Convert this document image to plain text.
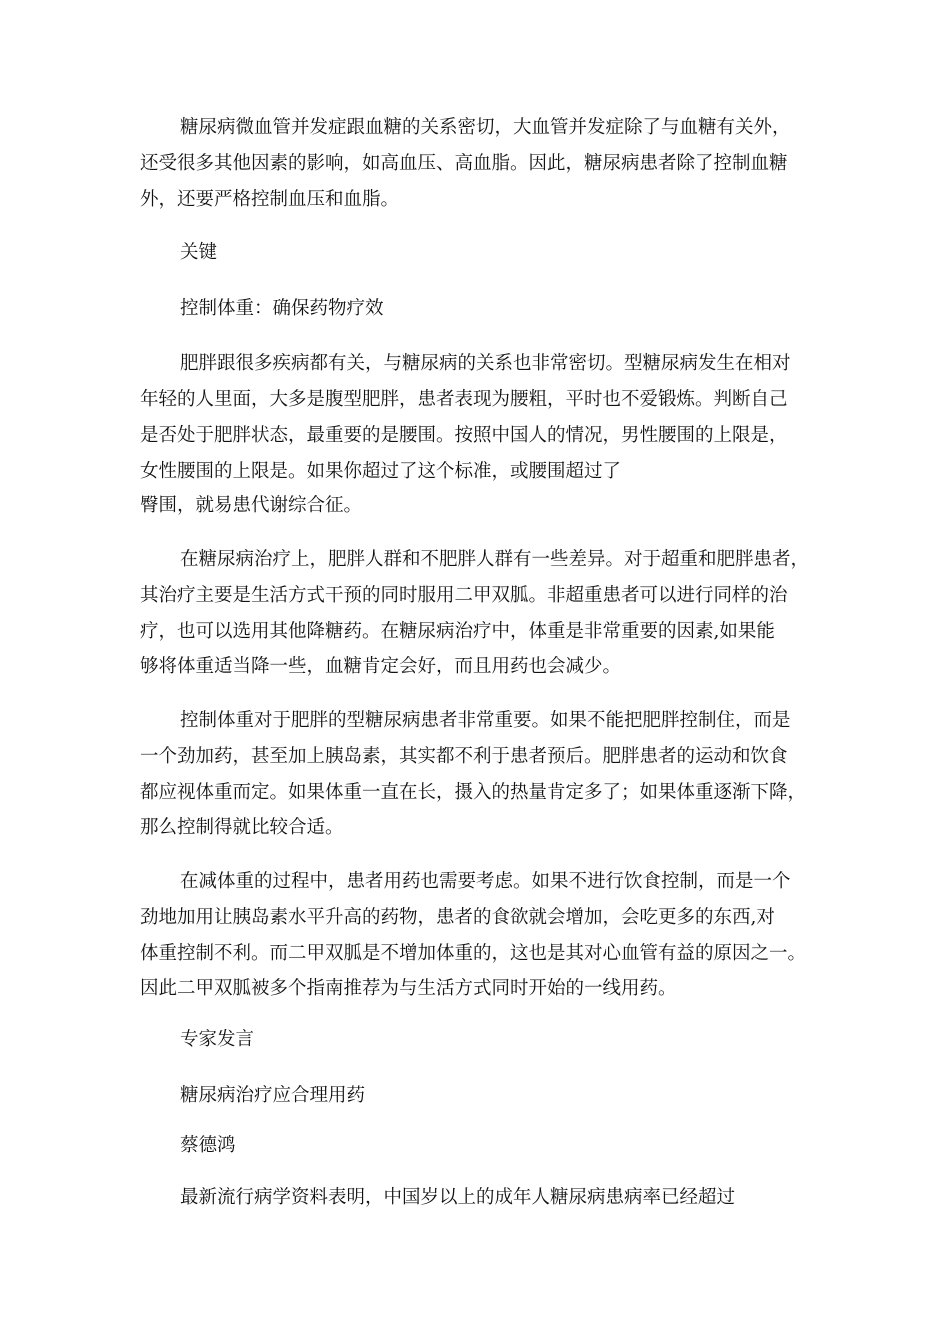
糖尿病微血管并发症跟血糖的关系密切，大血管并发症除了与血糖有关外，
还受很多其他因素的影响，如高血压、高血脂。因此，糖尿病患者除了控制血糖
外，还要严格控制血压和血脂。
关键
控制体重：确保药物疗效
肥胖跟很多疾病都有关，与糖尿病的关系也非常密切。型糖尿病发生在相对
年轻的人里面，大多是腹型肥胖，患者表现为腰粗，平时也不爱锻炼。判断自己
是否处于肥胖状态，最重要的是腰围。按照中国人的情况，男性腰围的上限是，
女性腰围的上限是。如果你超过了这个标准，或腰围超过了
臀围，就易患代谢综合征。
在糖尿病治疗上，肥胖人群和不肥胖人群有一些差异。对于超重和肥胖患者，
其治疗主要是生活方式干预的同时服用二甲双胍。非超重患者可以进行同样的治
疗，也可以选用其他降糖药。在糖尿病治疗中，体重是非常重要的因素,如果能
够将体重适当降一些，血糖肯定会好，而且用药也会减少。
控制体重对于肥胖的型糖尿病患者非常重要。如果不能把肥胖控制住，而是
一个劲加药，甚至加上胰岛素，其实都不利于患者预后。肥胖患者的运动和饮食
都应视体重而定。如果体重一直在长，摄入的热量肯定多了；如果体重逐渐下降，
那么控制得就比较合适。
在减体重的过程中，患者用药也需要考虑。如果不进行饮食控制，而是一个
劲地加用让胰岛素水平升高的药物，患者的食欲就会增加，会吃更多的东西,对
体重控制不利。而二甲双胍是不增加体重的，这也是其对心血管有益的原因之一。
因此二甲双胍被多个指南推荐为与生活方式同时开始的一线用药。
专家发言
糖尿病治疗应合理用药
蔡德鸿
最新流行病学资料表明，中国岁以上的成年人糖尿病患病率已经超过
